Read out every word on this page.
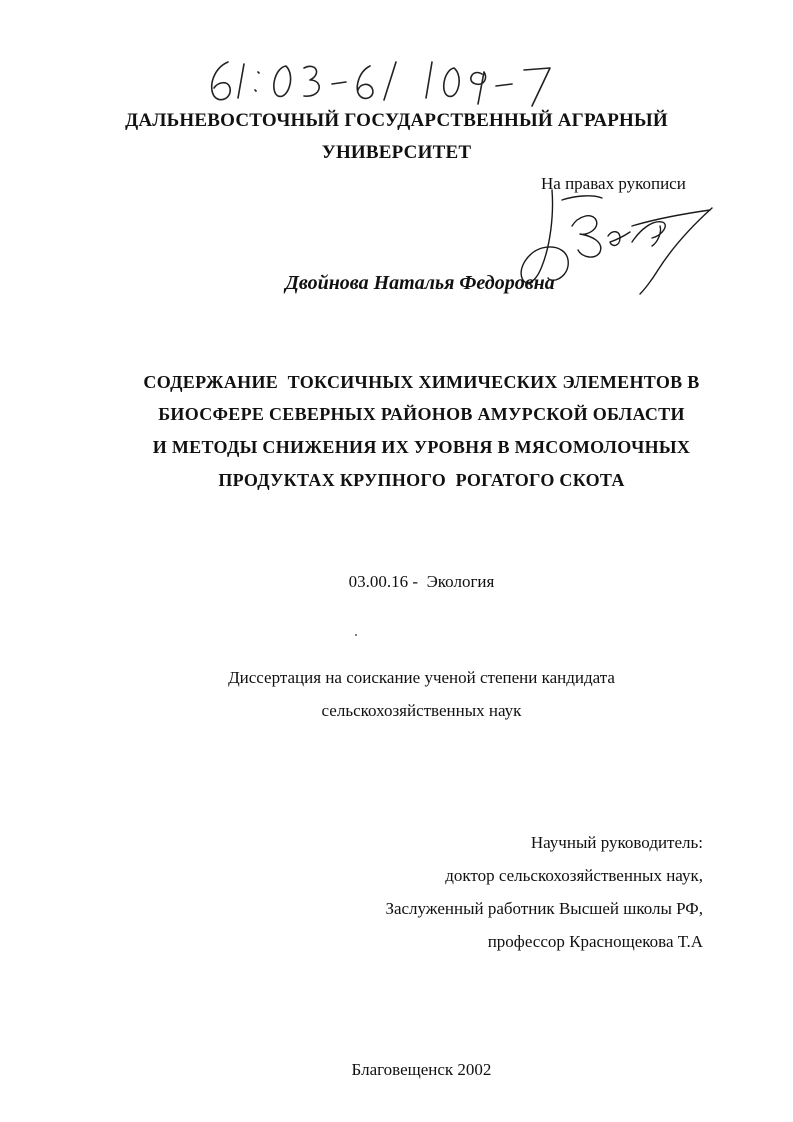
ДАЛЬНЕВОСТОЧНЫЙ ГОСУДАРСТВЕННЫЙ АГРАРНЫЙ
УНИВЕРСИТЕТ
На правах рукописи
Двойнова Наталья Федоровна
СОДЕРЖАНИЕ  ТОКСИЧНЫХ ХИМИЧЕСКИХ ЭЛЕМЕНТОВ В
БИОСФЕРЕ СЕВЕРНЫХ РАЙОНОВ АМУРСКОЙ ОБЛАСТИ
И МЕТОДЫ СНИЖЕНИЯ ИХ УРОВНЯ В МЯСОМОЛОЧНЫХ
ПРОДУКТАХ КРУПНОГО  РОГАТОГО СКОТА
03.00.16 -  Экология
Диссертация на соискание ученой степени кандидата
сельскохозяйственных наук
Научный руководитель:
доктор сельскохозяйственных наук,
Заслуженный работник Высшей школы РФ,
профессор Краснощекова Т.А
Благовещенск 2002
